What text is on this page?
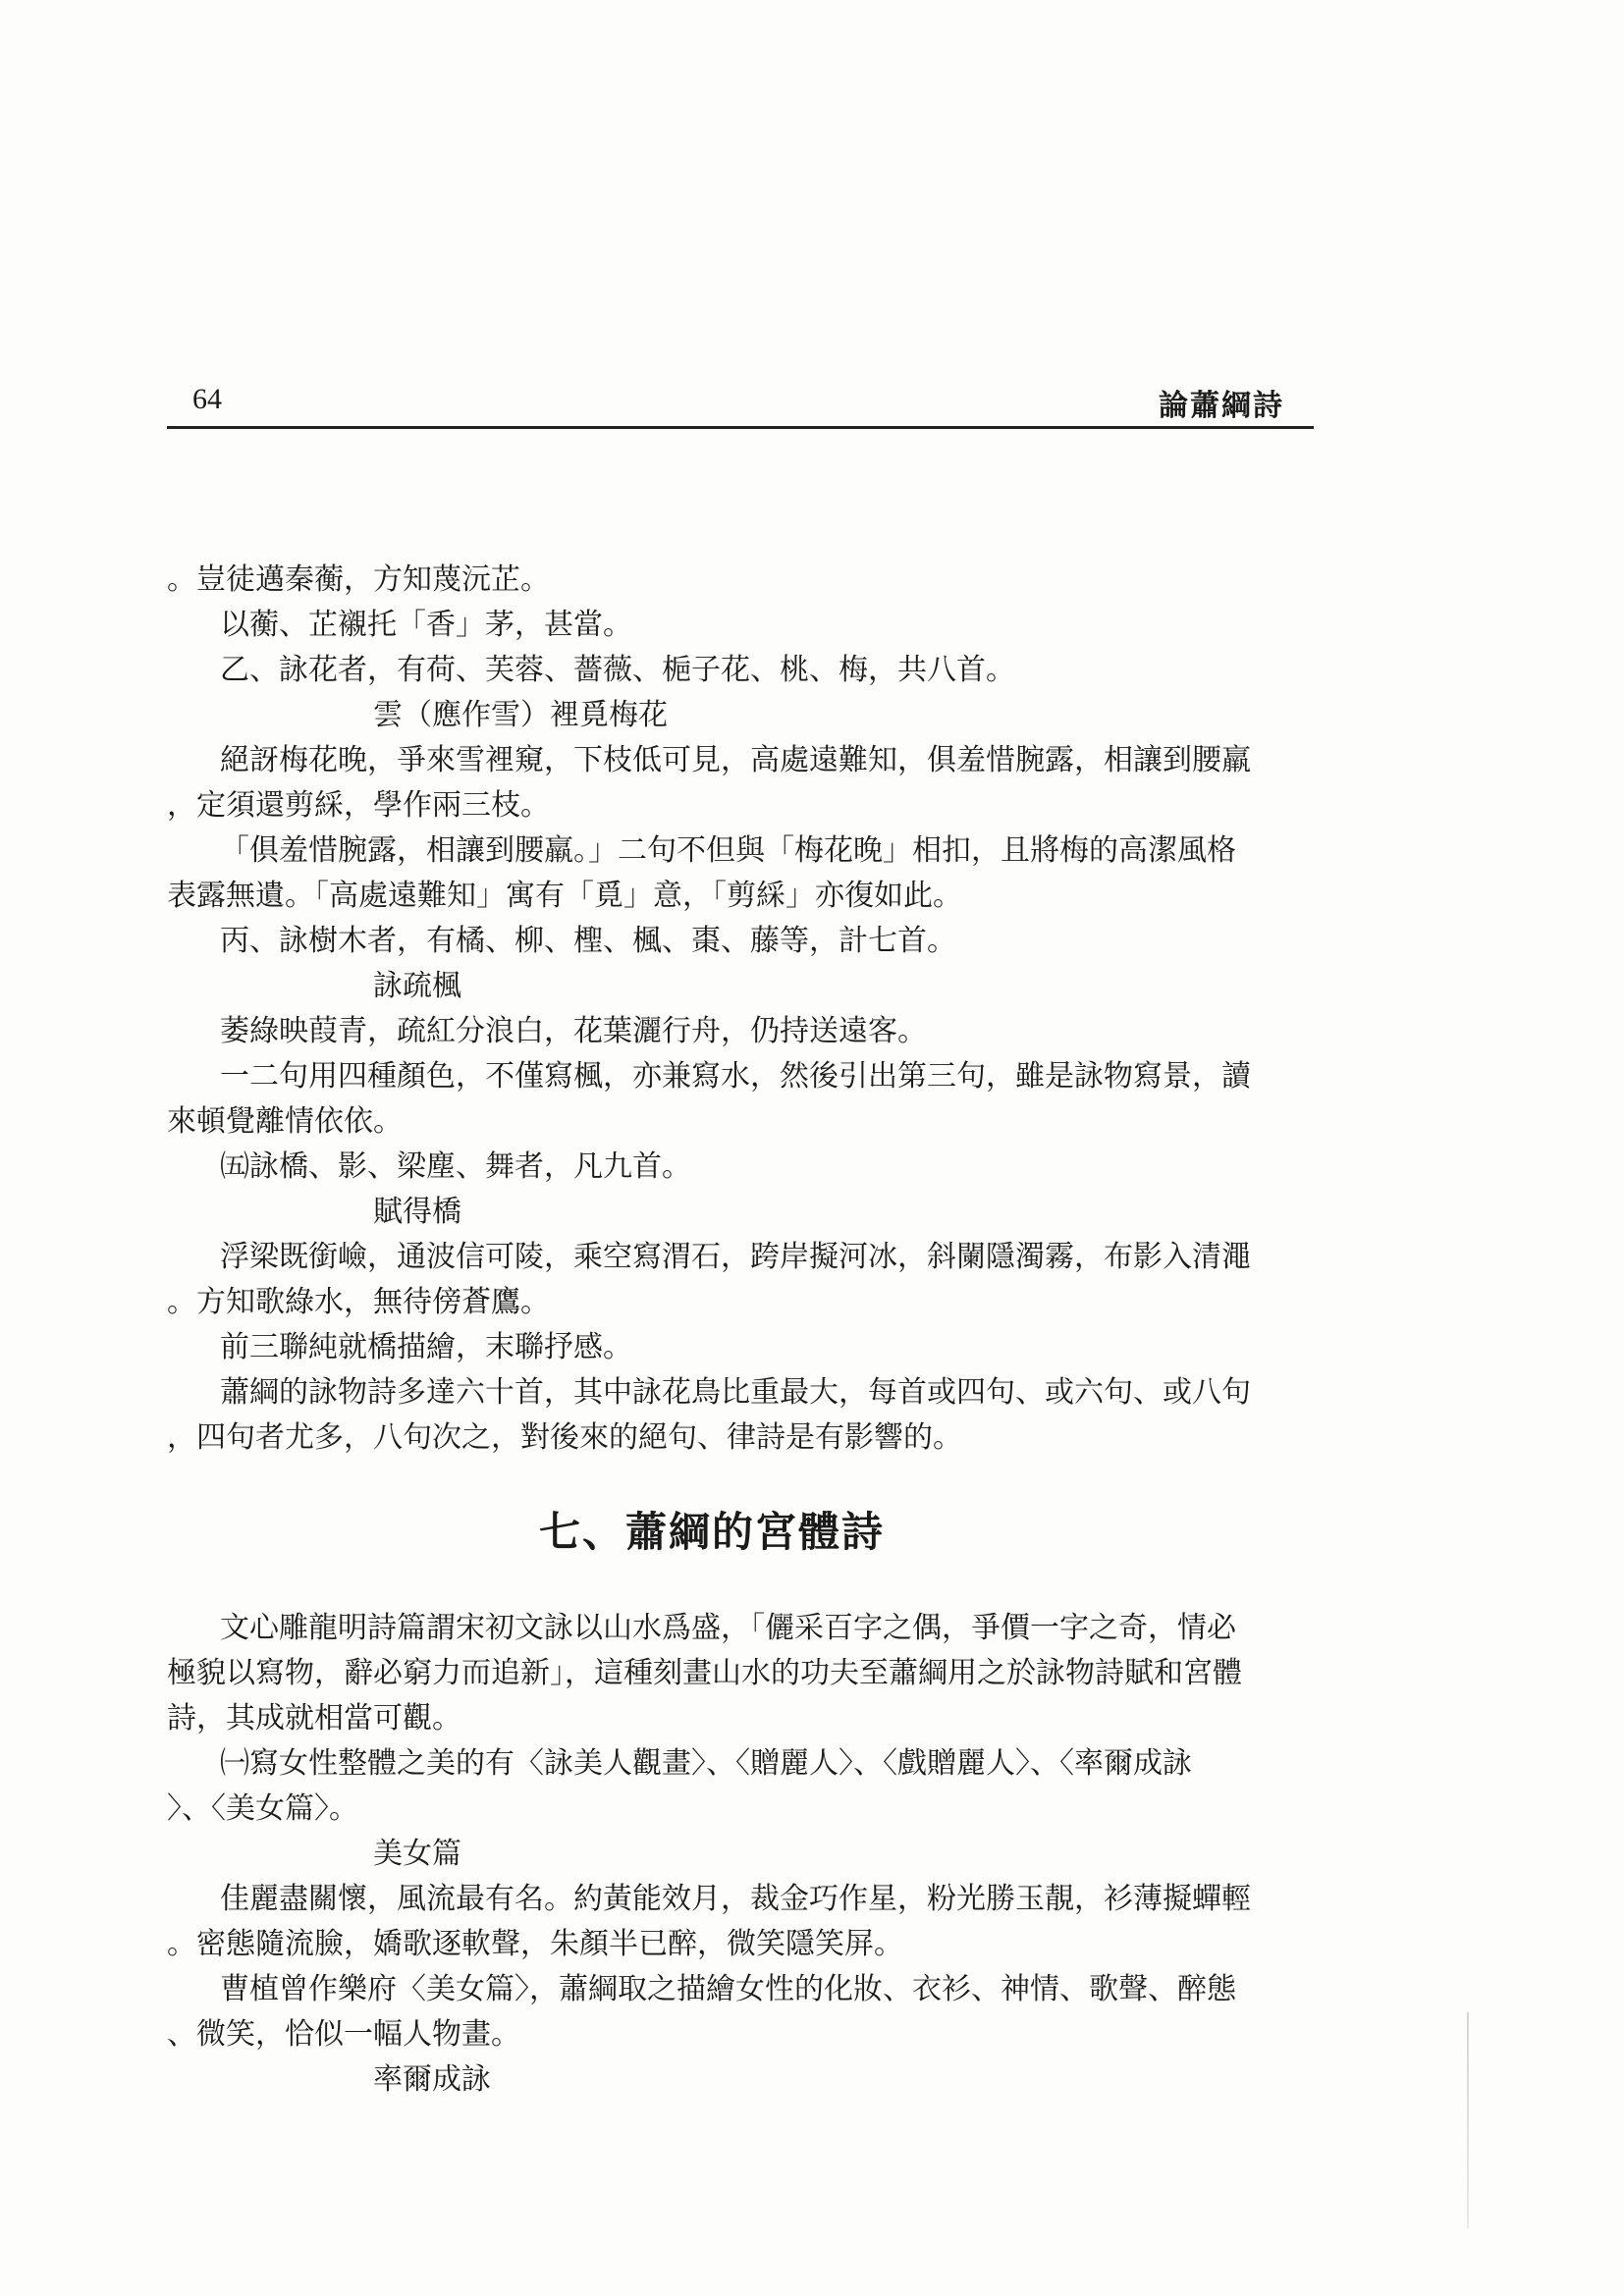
64	論蕭綱詩

。豈徒邁秦蘅，方知蔑沅芷。

以蘅、芷襯托「香」茅，甚當。

乙、詠花者，有荷、芙蓉、薔薇、梔子花、桃、梅，共八首。

雲（應作雪）裡覓梅花

絕訝梅花晚，爭來雪裡窺，下枝低可見，高處遠難知，俱羞惜腕露，相讓到腰羸

，定須還剪綵，學作兩三枝。

「俱羞惜腕露，相讓到腰羸。」二句不但與「梅花晚」相扣，且將梅的高潔風格

表露無遺。「高處遠難知」寓有「覓」意，「剪綵」亦復如此。

丙、詠樹木者，有橘、柳、檉、楓、棗、藤等，計七首。

詠疏楓

萎綠映葭青，疏紅分浪白，花葉灑行舟，仍持送遠客。

一二句用四種顏色，不僅寫楓，亦兼寫水，然後引出第三句，雖是詠物寫景，讀

來頓覺離情依依。

㈤詠橋、影、梁塵、舞者，凡九首。

賦得橋

浮梁既銜嶮，通波信可陵，乘空寫渭石，跨岸擬河冰，斜闌隱濁霧，布影入清澠

。方知歌綠水，無待傍蒼鷹。

前三聯純就橋描繪，末聯抒感。

蕭綱的詠物詩多達六十首，其中詠花鳥比重最大，每首或四句、或六句、或八句

，四句者尤多，八句次之，對後來的絕句、律詩是有影響的。

七、蕭綱的宮體詩

文心雕龍明詩篇謂宋初文詠以山水爲盛，「儷采百字之偶，爭價一字之奇，情必

極貌以寫物，辭必窮力而追新」，這種刻畫山水的功夫至蕭綱用之於詠物詩賦和宮體

詩，其成就相當可觀。

㈠寫女性整體之美的有〈詠美人觀畫〉、〈贈麗人〉、〈戲贈麗人〉、〈率爾成詠

〉、〈美女篇〉。

美女篇

佳麗盡關懷，風流最有名。約黃能效月，裁金巧作星，粉光勝玉靚，衫薄擬蟬輕

。密態隨流臉，嬌歌逐軟聲，朱顏半已醉，微笑隱笑屏。

曹植曾作樂府〈美女篇〉，蕭綱取之描繪女性的化妝、衣衫、神情、歌聲、醉態

、微笑，恰似一幅人物畫。

率爾成詠
